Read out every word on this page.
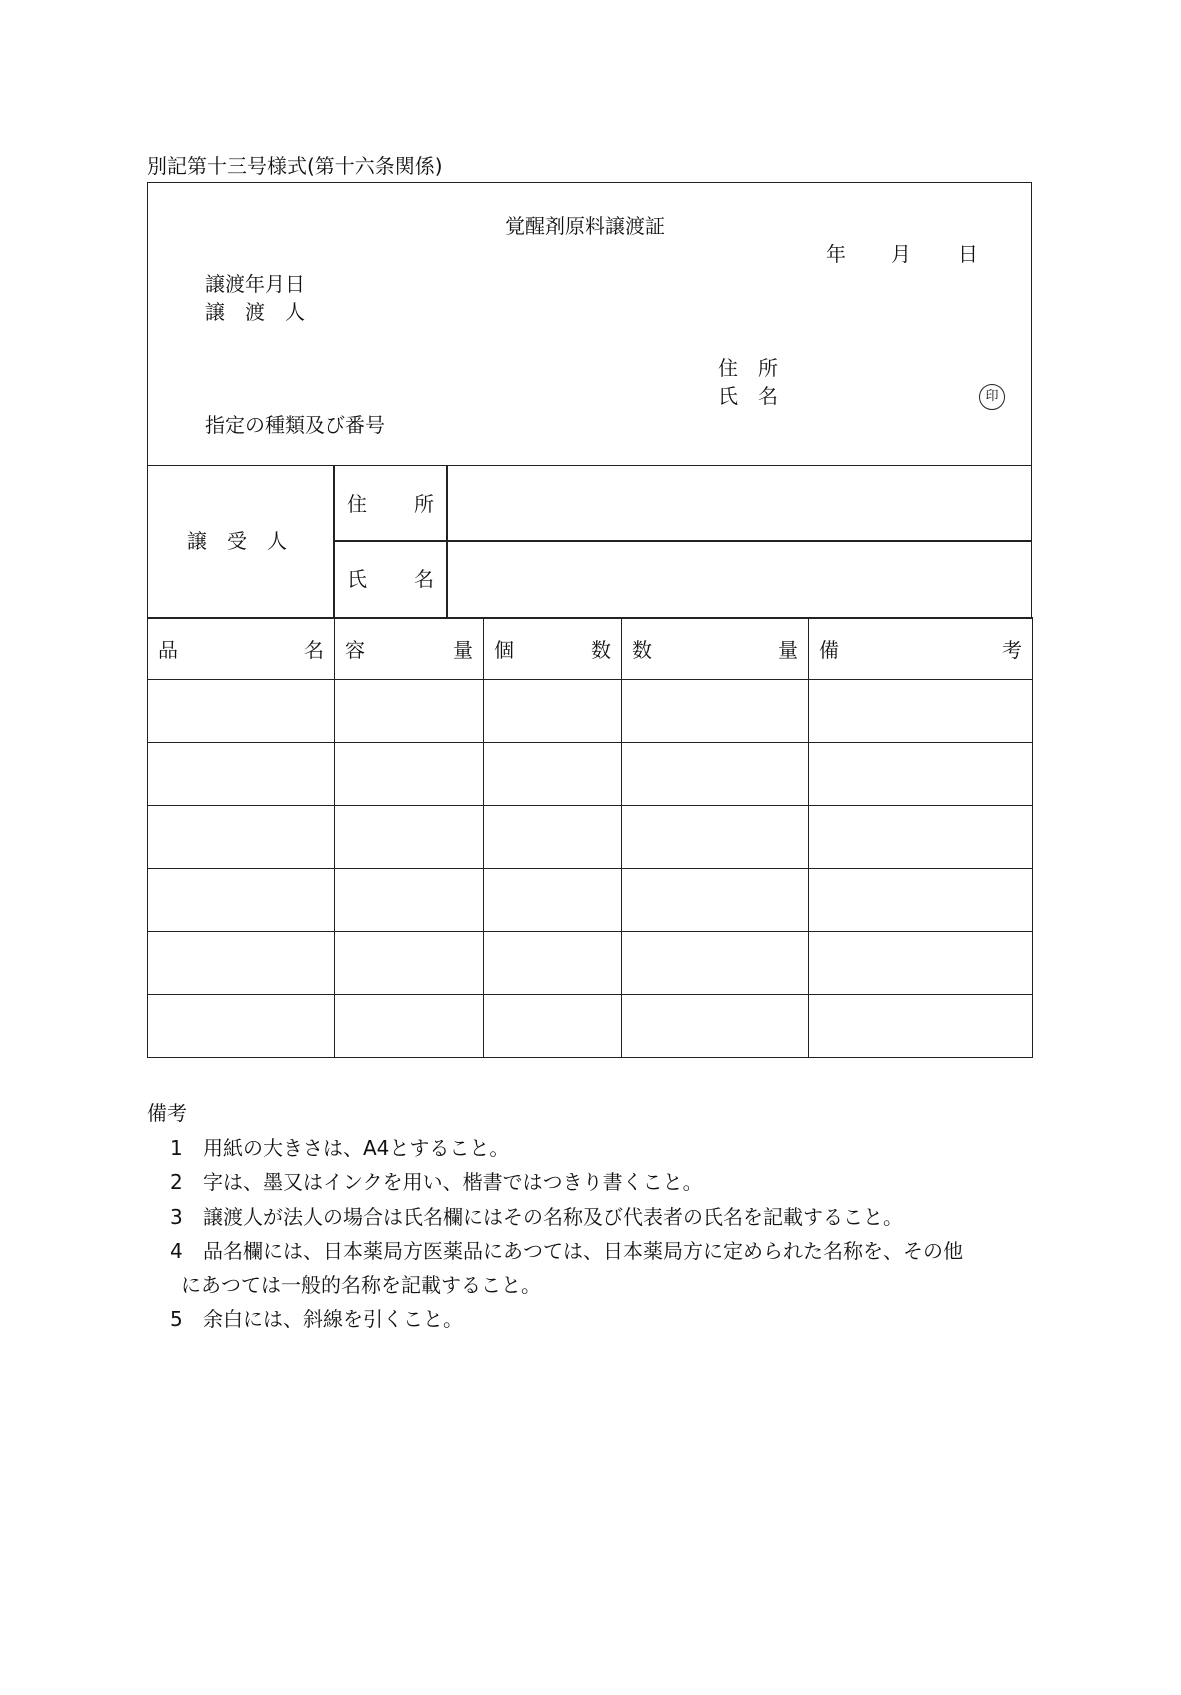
別記第十三号様式(第十六条関係)
覚醒剤原料譲渡証
年 月 日
譲渡年月日
譲　渡　人
住　所
氏　名	印
指定の種類及び番号
譲　受　人
住 所
氏 名
品 名	容 量	個 数	数 量	備 考

備考
1 用紙の大きさは、A4とすること。
2 字は、墨又はインクを用い、楷書ではつきり書くこと。
3 譲渡人が法人の場合は氏名欄にはその名称及び代表者の氏名を記載すること。
4 品名欄には、日本薬局方医薬品にあつては、日本薬局方に定められた名称を、その他
にあつては一般的名称を記載すること。
5 余白には、斜線を引くこと。
